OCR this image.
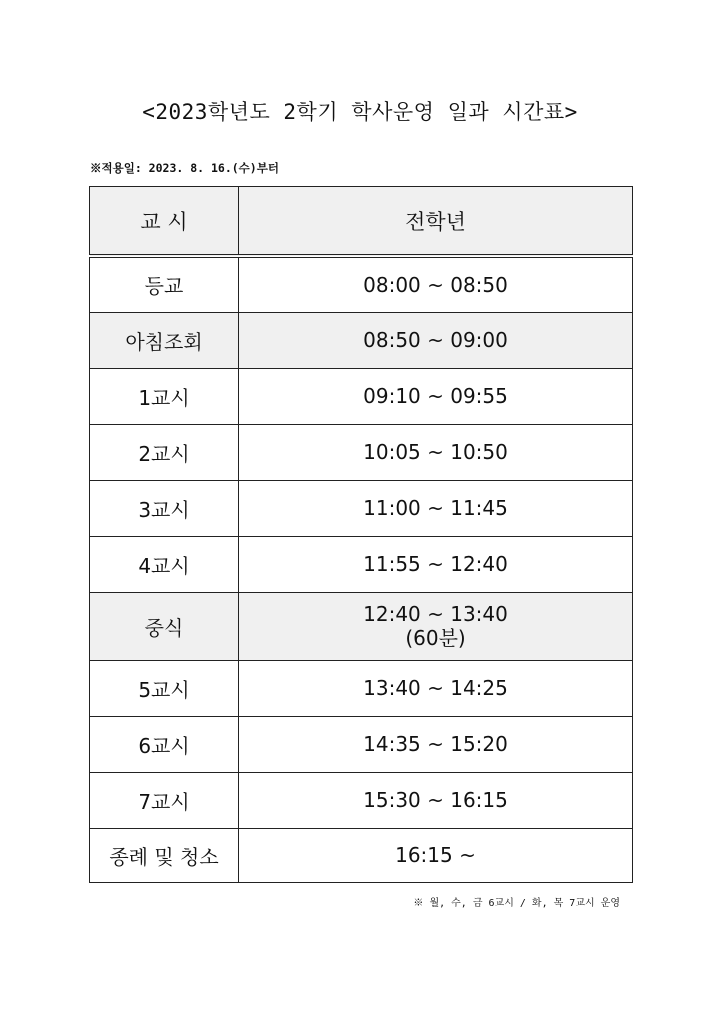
<2023학년도 2학기 학사운영 일과 시간표>
※적용일: 2023. 8. 16.(수)부터
교 시	전학년
등교	08:00 ~ 08:50
아침조회	08:50 ~ 09:00
1교시	09:10 ~ 09:55
2교시	10:05 ~ 10:50
3교시	11:00 ~ 11:45
4교시	11:55 ~ 12:40
중식	12:40 ~ 13:40
(60분)

5교시	13:40 ~ 14:25
6교시	14:35 ~ 15:20
7교시	15:30 ~ 16:15
종례 및 청소	16:15 ~
※ 월, 수, 금 6교시 / 화, 목 7교시 운영
